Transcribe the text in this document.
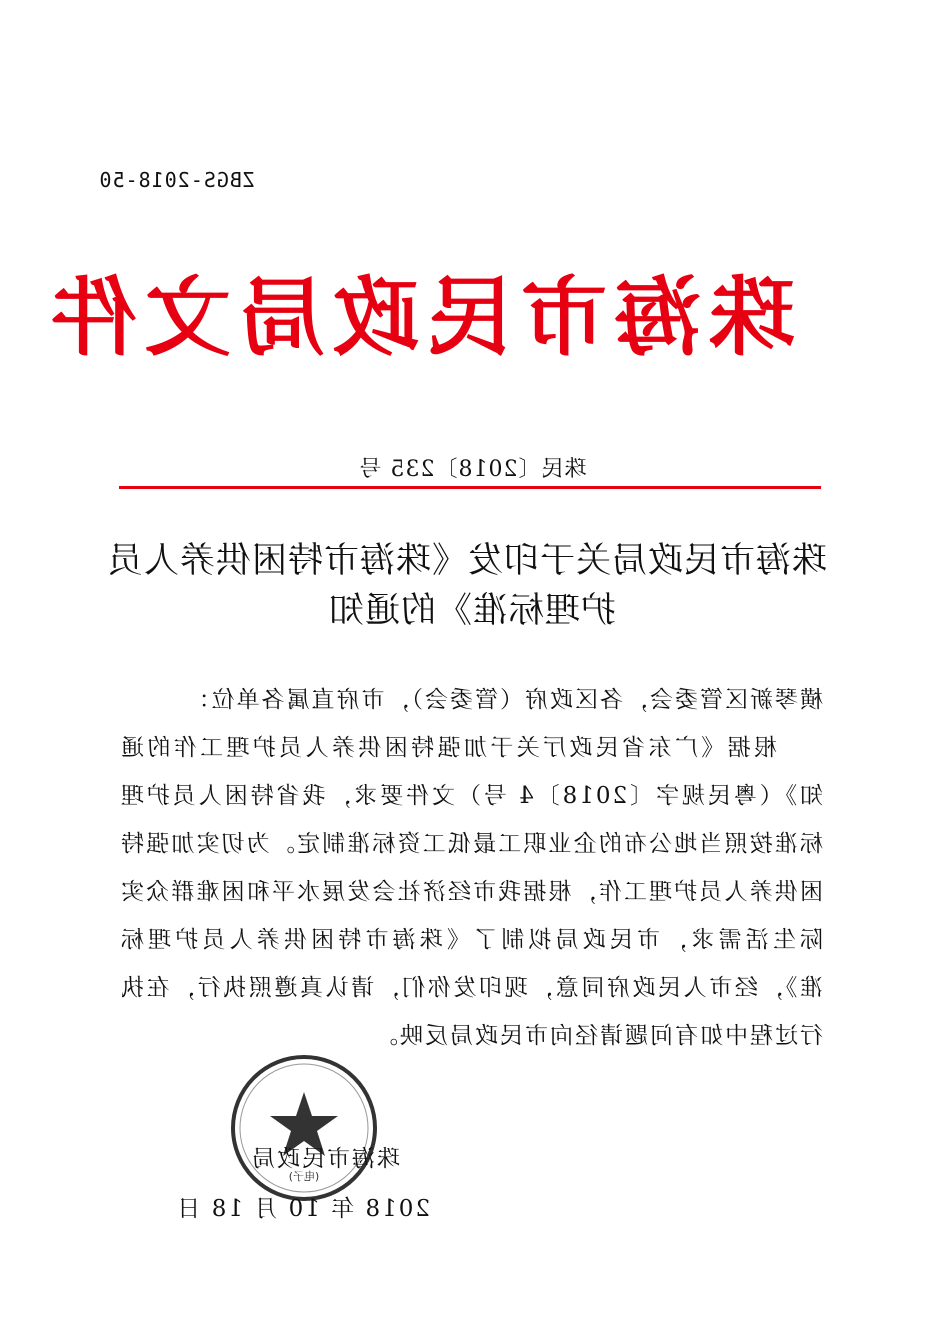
ZBGS-2018-50
珠海市民政局文件
珠民〔2018〕235 号
珠海市民政局关于印发《珠海市特困供养人员
护理标准》的通知

横琴新区管委会，各区政府（管委会），市府直属各单位：

根据《广东省民政厅关于加强特困供养人员护理工作的通知》（粤民规字〔2018〕4 号）文件要求，我省特困人员护理标准按照当地公布的企业职工最低工资标准制定。为切实加强特困供养人员护理工作，根据我市经济社会发展水平和困难群众实际生活需求，市民政局拟制了《珠海市特困供养人员护理标准》，经市人民政府同意，现印发你们，请认真遵照执行，在执行过程中如有问题请径向市民政局反映。

(电子)
珠海市民政局
2018 年 10 月 18 日
